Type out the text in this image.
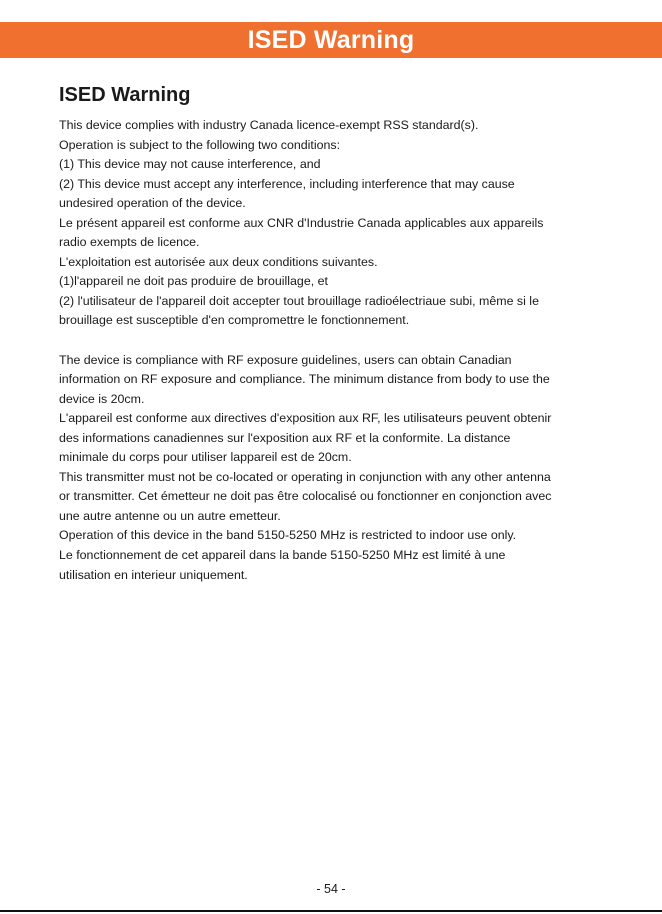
ISED Warning
ISED Warning
This device complies with industry Canada licence-exempt RSS standard(s).
Operation is subject to the following two conditions:
(1) This device may not cause interference, and
(2) This device must accept any interference, including interference that may cause
undesired operation of the device.
Le présent appareil est conforme aux CNR d'Industrie Canada applicables aux appareils
radio exempts de licence.
L'exploitation est autorisée aux deux conditions suivantes.
(1)l'appareil ne doit pas produire de brouillage, et
(2) l'utilisateur de l'appareil doit accepter tout brouillage radioélectriaue subi, même si le
brouillage est susceptible d'en compromettre le fonctionnement.
The device is compliance with RF exposure guidelines, users can obtain Canadian
information on RF exposure and compliance. The minimum distance from body to use the
device is 20cm.
L'appareil est conforme aux directives d'exposition aux RF, les utilisateurs peuvent obtenir
des informations canadiennes sur l'exposition aux RF et la conformite. La distance
minimale du corps pour utiliser lappareil est de 20cm.
This transmitter must not be co-located or operating in conjunction with any other antenna
or transmitter. Cet émetteur ne doit pas être colocalisé ou fonctionner en conjonction avec
une autre antenne ou un autre emetteur.
Operation of this device in the band 5150-5250 MHz is restricted to indoor use only.
Le fonctionnement de cet appareil dans la bande 5150-5250 MHz est limité à une
utilisation en interieur uniquement.
- 54 -
